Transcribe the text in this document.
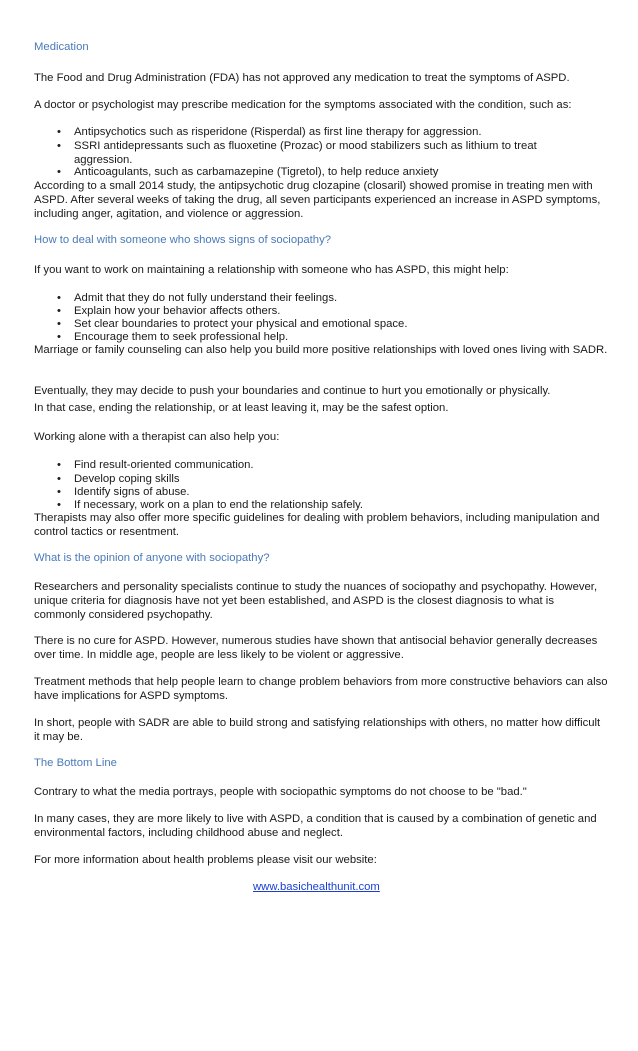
Medication
The Food and Drug Administration (FDA) has not approved any medication to treat the symptoms of ASPD.
A doctor or psychologist may prescribe medication for the symptoms associated with the condition, such as:
• Antipsychotics such as risperidone (Risperdal) as first line therapy for aggression.
• SSRI antidepressants such as fluoxetine (Prozac) or mood stabilizers such as lithium to treat aggression.
• Anticoagulants, such as carbamazepine (Tigretol), to help reduce anxiety
According to a small 2014 study, the antipsychotic drug clozapine (closaril) showed promise in treating men with ASPD. After several weeks of taking the drug, all seven participants experienced an increase in ASPD symptoms, including anger, agitation, and violence or aggression.
How to deal with someone who shows signs of sociopathy?
If you want to work on maintaining a relationship with someone who has ASPD, this might help:
• Admit that they do not fully understand their feelings.
• Explain how your behavior affects others.
• Set clear boundaries to protect your physical and emotional space.
• Encourage them to seek professional help.
Marriage or family counseling can also help you build more positive relationships with loved ones living with SADR.
Eventually, they may decide to push your boundaries and continue to hurt you emotionally or physically.
In that case, ending the relationship, or at least leaving it, may be the safest option.
Working alone with a therapist can also help you:
• Find result-oriented communication.
• Develop coping skills
• Identify signs of abuse.
• If necessary, work on a plan to end the relationship safely.
Therapists may also offer more specific guidelines for dealing with problem behaviors, including manipulation and control tactics or resentment.
What is the opinion of anyone with sociopathy?
Researchers and personality specialists continue to study the nuances of sociopathy and psychopathy. However, unique criteria for diagnosis have not yet been established, and ASPD is the closest diagnosis to what is commonly considered psychopathy.
There is no cure for ASPD. However, numerous studies have shown that antisocial behavior generally decreases over time. In middle age, people are less likely to be violent or aggressive.
Treatment methods that help people learn to change problem behaviors from more constructive behaviors can also have implications for ASPD symptoms.
In short, people with SADR are able to build strong and satisfying relationships with others, no matter how difficult it may be.
The Bottom Line
Contrary to what the media portrays, people with sociopathic symptoms do not choose to be "bad."
In many cases, they are more likely to live with ASPD, a condition that is caused by a combination of genetic and environmental factors, including childhood abuse and neglect.
For more information about health problems please visit our website:
www.basichealthunit.com
